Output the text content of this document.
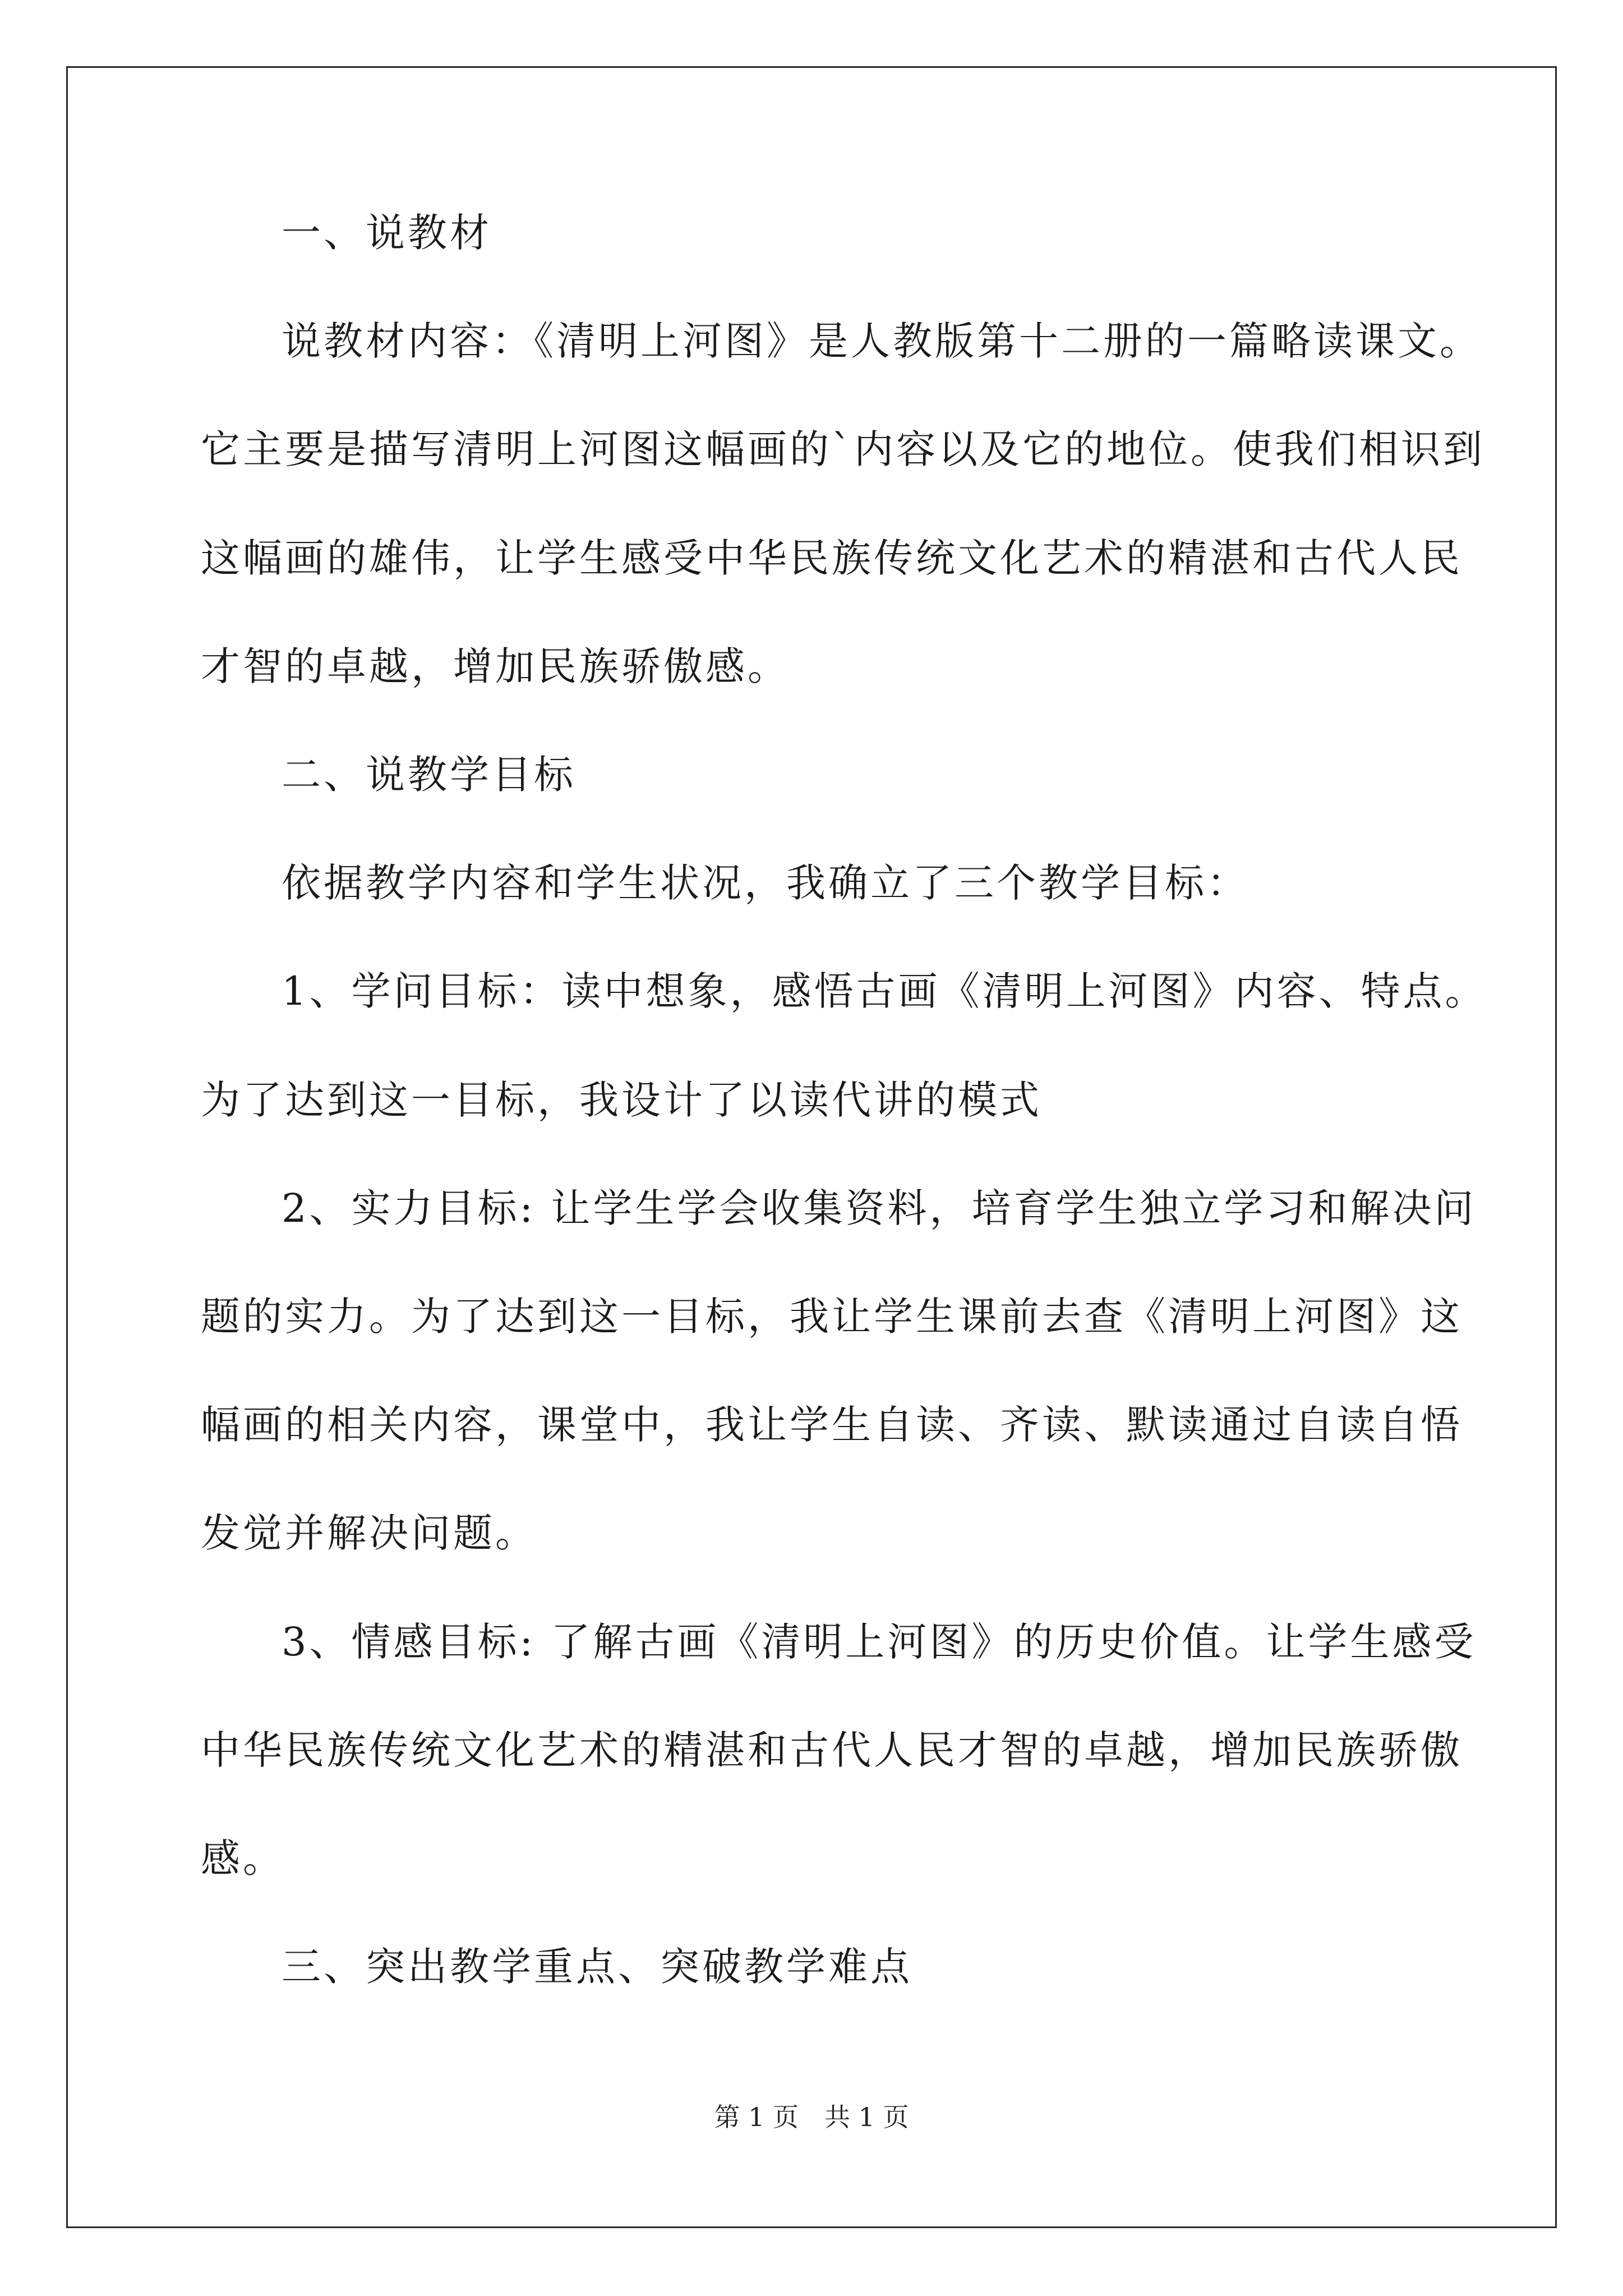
一、说教材
说教材内容：《清明上河图》是人教版第十二册的一篇略读课文。
它主要是描写清明上河图这幅画的`内容以及它的地位。使我们相识到
这幅画的雄伟，让学生感受中华民族传统文化艺术的精湛和古代人民
才智的卓越，增加民族骄傲感。
二、说教学目标
依据教学内容和学生状况，我确立了三个教学目标：
1、学问目标：读中想象，感悟古画《清明上河图》内容、特点。
为了达到这一目标，我设计了以读代讲的模式
2、实力目标: 让学生学会收集资料，培育学生独立学习和解决问
题的实力。为了达到这一目标，我让学生课前去查《清明上河图》这
幅画的相关内容，课堂中，我让学生自读、齐读、默读通过自读自悟
发觉并解决问题。
3、情感目标: 了解古画《清明上河图》的历史价值。让学生感受
中华民族传统文化艺术的精湛和古代人民才智的卓越，增加民族骄傲
感。
三、突出教学重点、突破教学难点
第 1 页　共 1 页
